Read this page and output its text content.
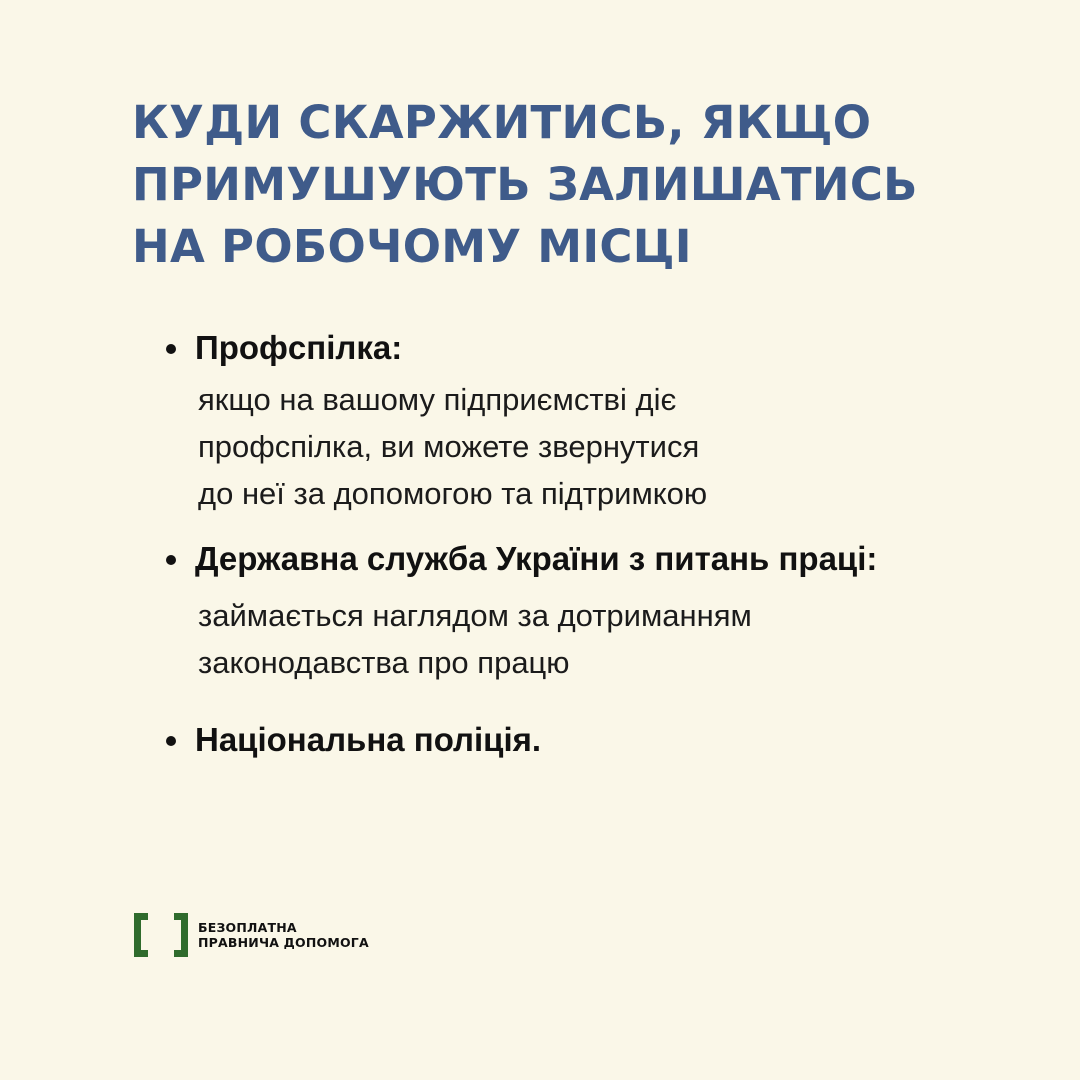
КУДИ СКАРЖИТИСЬ, ЯКЩО
ПРИМУШУЮТЬ ЗАЛИШАТИСЬ
НА РОБОЧОМУ МІСЦІ
Профспілка:
якщо на вашому підприємстві діє
профспілка, ви можете звернутися
до неї за допомогою та підтримкою
Державна служба України з питань праці:
займається наглядом за дотриманням
законодавства про працю
Національна поліція.
БЕЗОПЛАТНА
ПРАВНИЧА ДОПОМОГА
